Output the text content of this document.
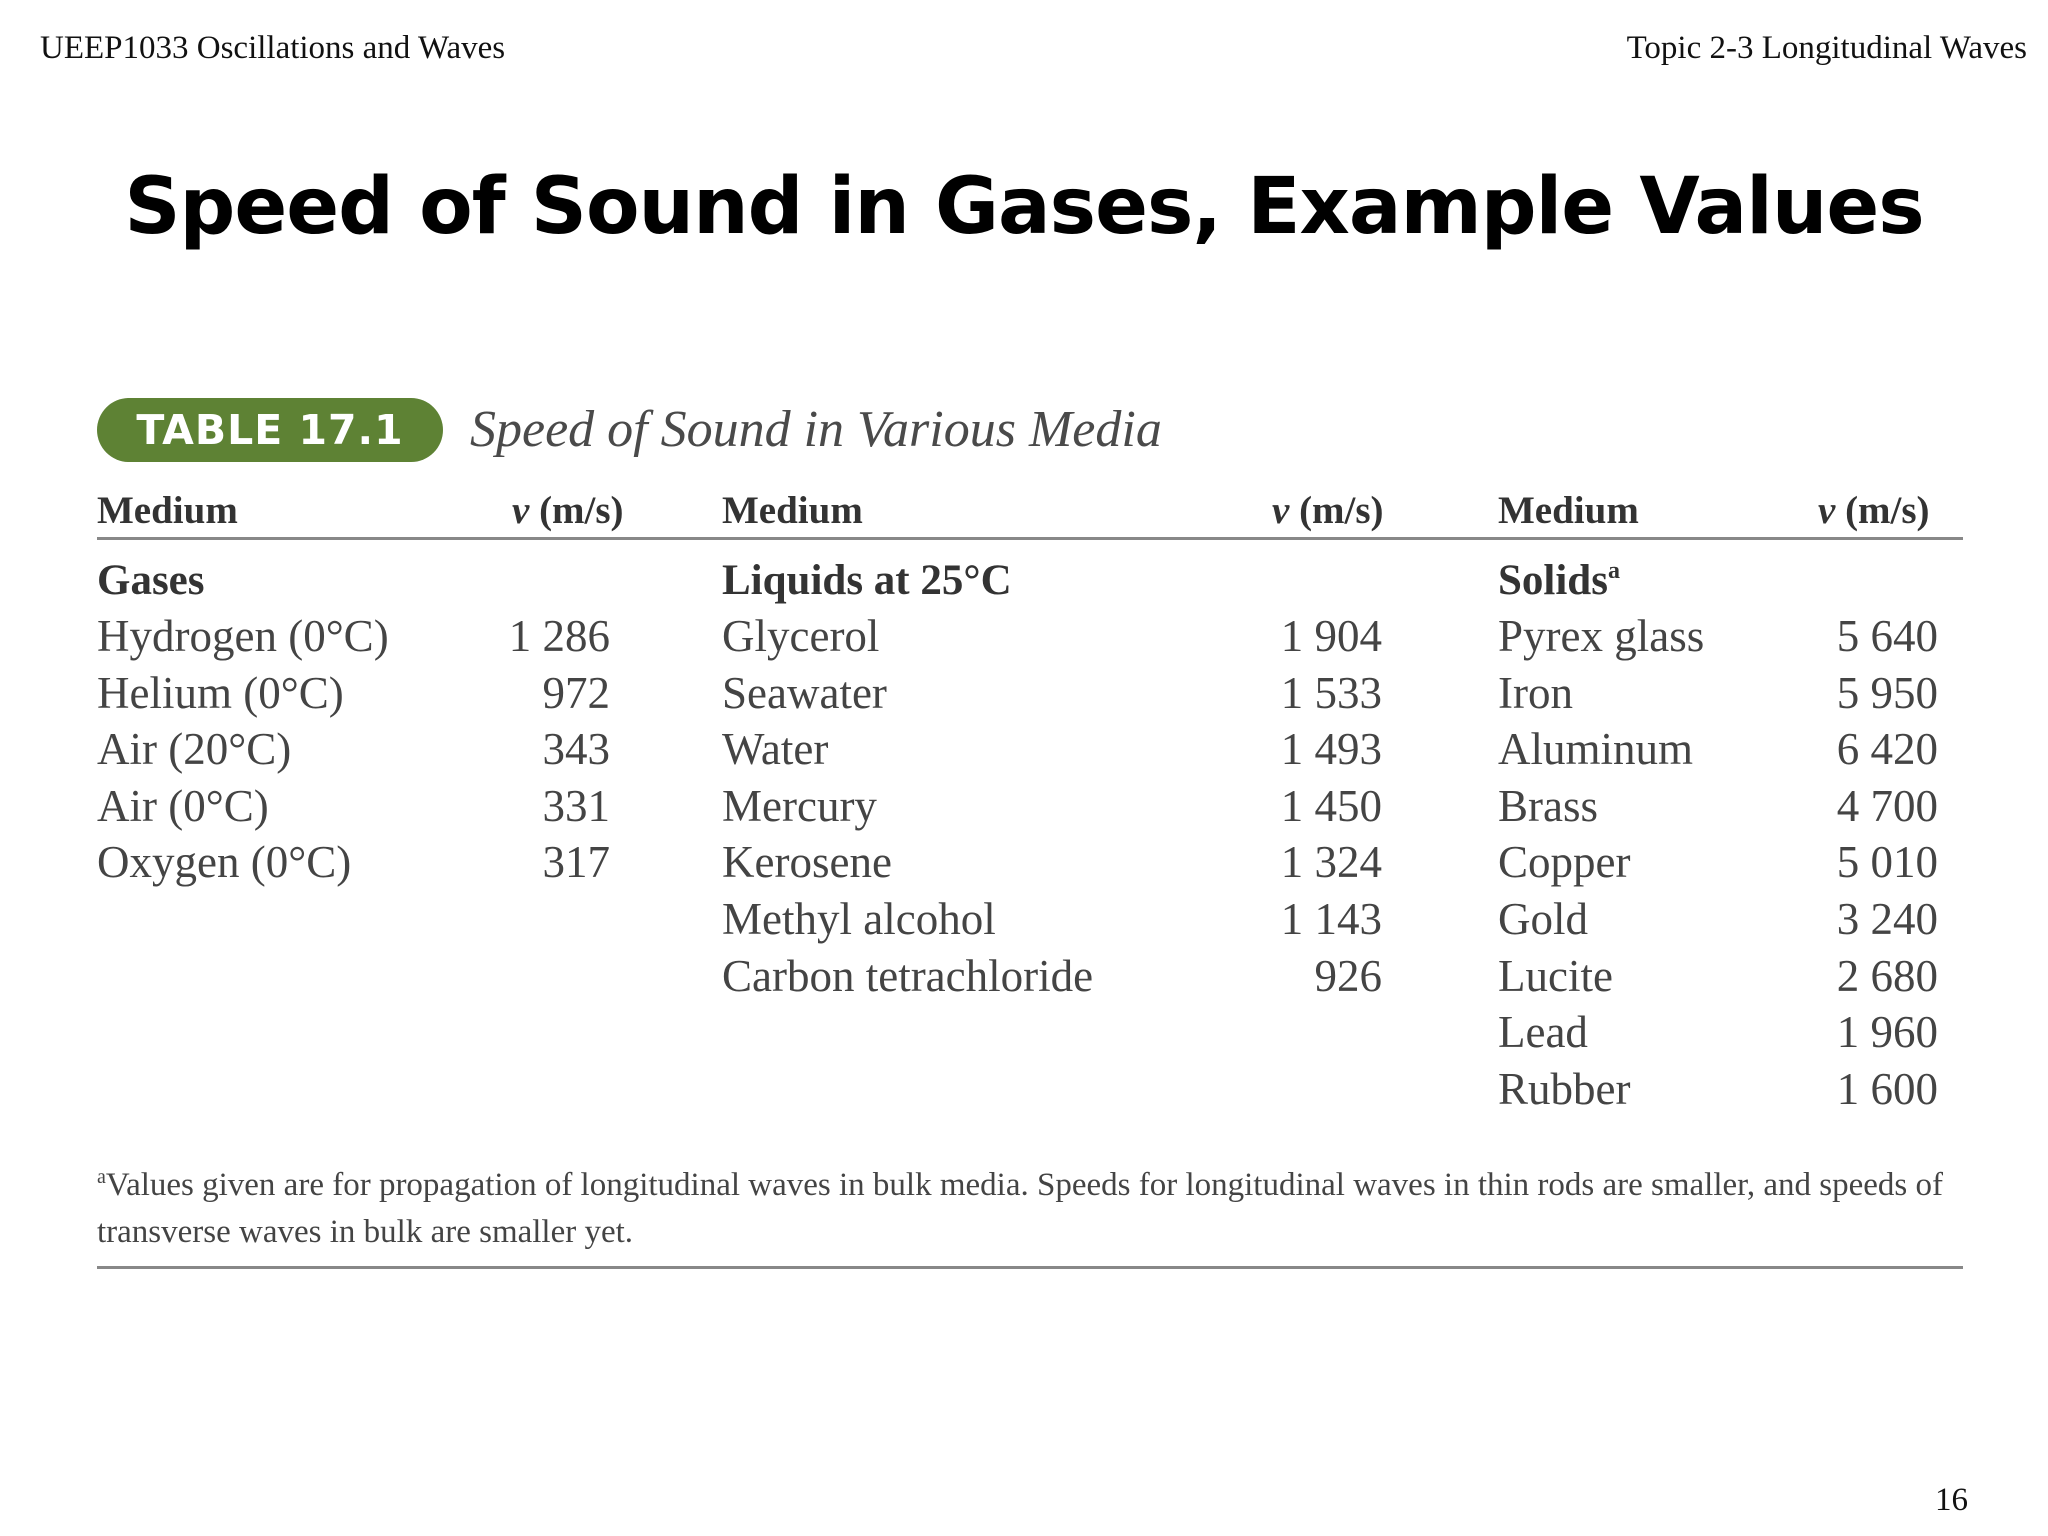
UEEP1033 Oscillations and Waves	Topic 2-3 Longitudinal Waves
Speed of Sound in Gases, Example Values
TABLE 17.1	Speed of Sound in Various Media
Medium	v (m/s)	Medium	v (m/s)	Medium	v (m/s)
Gases	Liquids at 25°C	Solids$^a$
Hydrogen (0°C)	1 286
Helium (0°C)	972
Air (20°C)	343
Air (0°C)	331
Oxygen (0°C)	317
Glycerol	1 904
Seawater	1 533
Water	1 493
Mercury	1 450
Kerosene	1 324
Methyl alcohol	1 143
Carbon tetrachloride	926
Pyrex glass	5 640
Iron	5 950
Aluminum	6 420
Brass	4 700
Copper	5 010
Gold	3 240
Lucite	2 680
Lead	1 960
Rubber	1 600
$^a$Values given are for propagation of longitudinal waves in bulk media. Speeds for longitudinal waves in thin rods are smaller, and speeds of transverse waves in bulk are smaller yet.
16
